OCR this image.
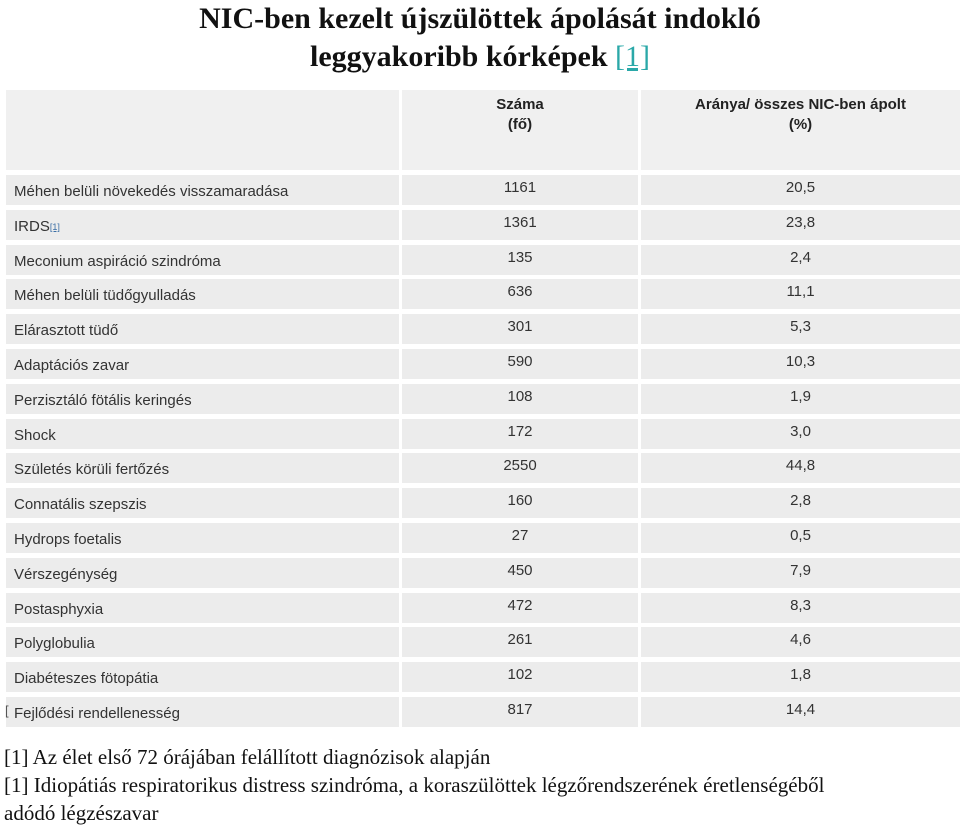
NIC-ben kezelt újszülöttek ápolását indokló
leggyakoribb kórképek [1]
Száma
(fő)
Aránya/ összes NIC-ben ápolt
(%)
Méhen belüli növekedés visszamaradása	1161	20,5
IRDS[1]	1361	23,8
Meconium aspiráció szindróma	135	2,4
Méhen belüli tüdőgyulladás	636	11,1
Elárasztott tüdő	301	5,3
Adaptációs zavar	590	10,3
Perzisztáló fötális keringés	108	1,9
Shock	172	3,0
Születés körüli fertőzés	2550	44,8
Connatális szepszis	160	2,8
Hydrops foetalis	27	0,5
Vérszegénység	450	7,9
Postasphyxia	472	8,3
Polyglobulia	261	4,6
Diabéteszes fötopátia	102	1,8
[ Fejlődési rendellenesség	817	14,4
[1] Az élet első 72 órájában felállított diagnózisok alapján
[1] Idiopátiás respiratorikus distress szindróma, a koraszülöttek légzőrendszerének éretlenségéből
adódó légzészavar
